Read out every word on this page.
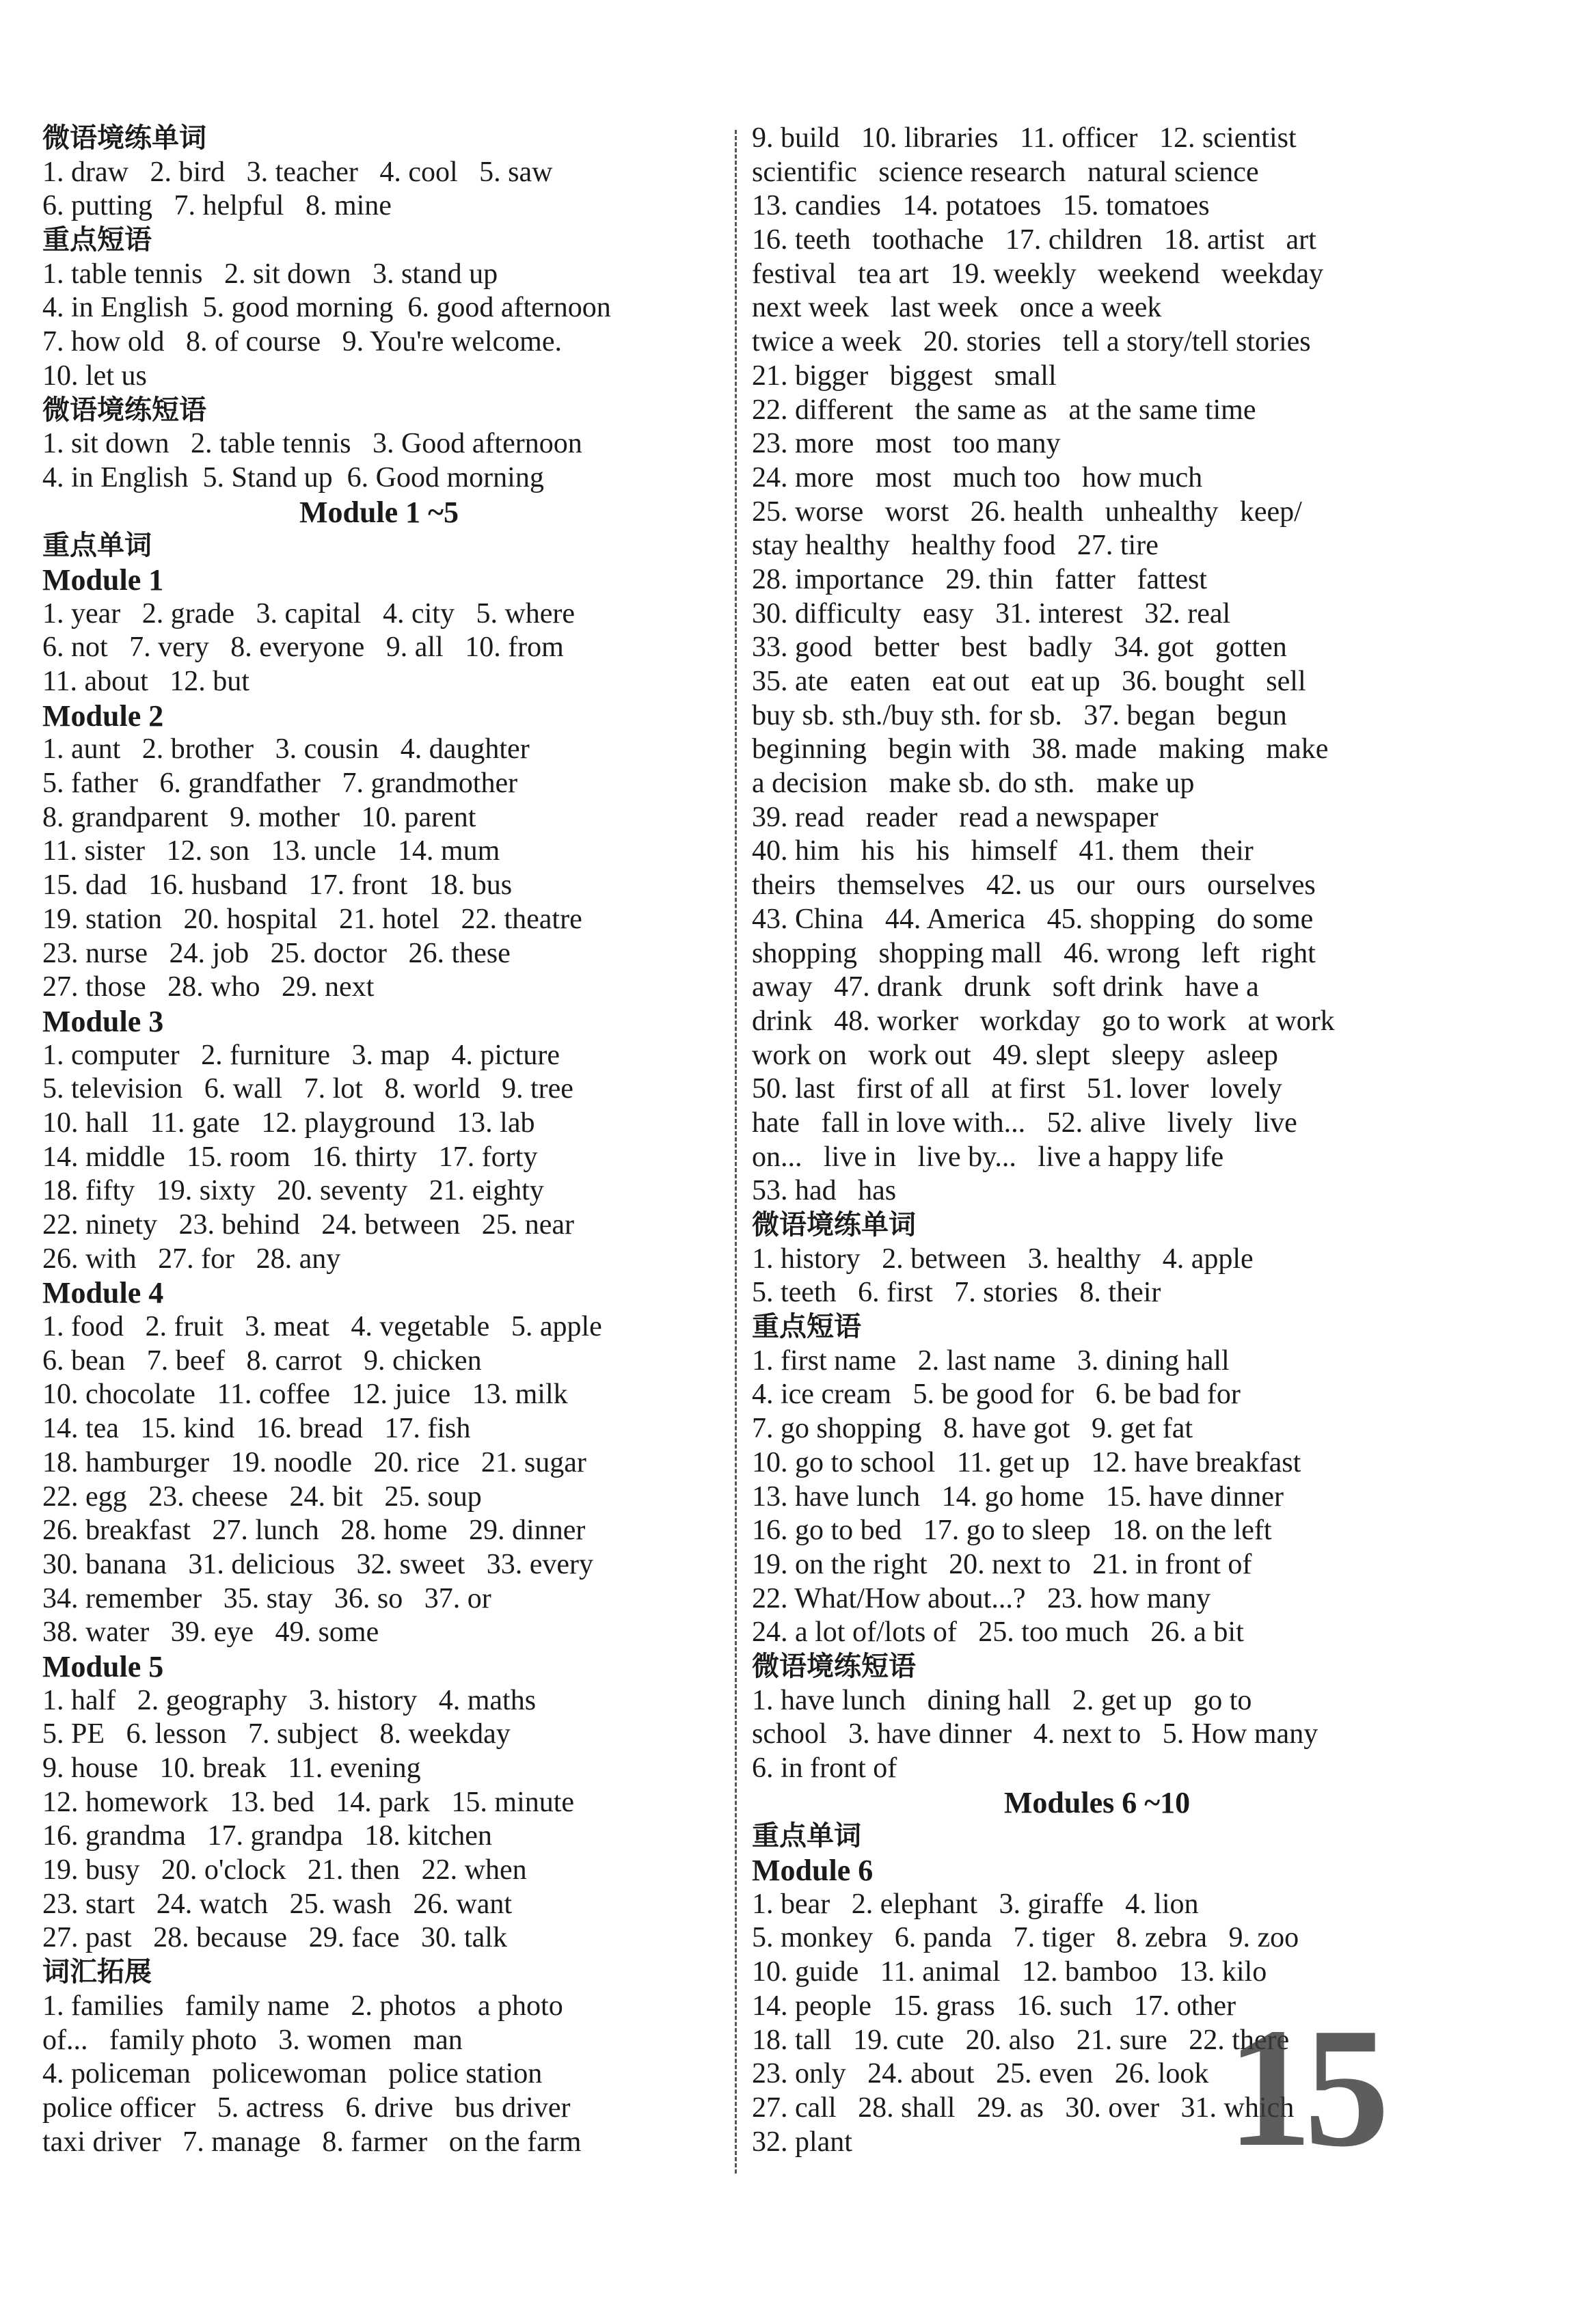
微语境练单词
1. draw   2. bird   3. teacher   4. cool   5. saw
6. putting   7. helpful   8. mine
重点短语
1. table tennis   2. sit down   3. stand up
4. in English  5. good morning  6. good afternoon
7. how old   8. of course   9. You're welcome.
10. let us
微语境练短语
1. sit down   2. table tennis   3. Good afternoon
4. in English  5. Stand up  6. Good morning
Module 1 ~5
重点单词
Module 1
1. year   2. grade   3. capital   4. city   5. where
6. not   7. very   8. everyone   9. all   10. from
11. about   12. but
Module 2
1. aunt   2. brother   3. cousin   4. daughter
5. father   6. grandfather   7. grandmother
8. grandparent   9. mother   10. parent
11. sister   12. son   13. uncle   14. mum
15. dad   16. husband   17. front   18. bus
19. station   20. hospital   21. hotel   22. theatre
23. nurse   24. job   25. doctor   26. these
27. those   28. who   29. next
Module 3
1. computer   2. furniture   3. map   4. picture
5. television   6. wall   7. lot   8. world   9. tree
10. hall   11. gate   12. playground   13. lab
14. middle   15. room   16. thirty   17. forty
18. fifty   19. sixty   20. seventy   21. eighty
22. ninety   23. behind   24. between   25. near
26. with   27. for   28. any
Module 4
1. food   2. fruit   3. meat   4. vegetable   5. apple
6. bean   7. beef   8. carrot   9. chicken
10. chocolate   11. coffee   12. juice   13. milk
14. tea   15. kind   16. bread   17. fish
18. hamburger   19. noodle   20. rice   21. sugar
22. egg   23. cheese   24. bit   25. soup
26. breakfast   27. lunch   28. home   29. dinner
30. banana   31. delicious   32. sweet   33. every
34. remember   35. stay   36. so   37. or
38. water   39. eye   49. some
Module 5
1. half   2. geography   3. history   4. maths
5. PE   6. lesson   7. subject   8. weekday
9. house   10. break   11. evening
12. homework   13. bed   14. park   15. minute
16. grandma   17. grandpa   18. kitchen
19. busy   20. o'clock   21. then   22. when
23. start   24. watch   25. wash   26. want
27. past   28. because   29. face   30. talk
词汇拓展
1. families   family name   2. photos   a photo
of...   family photo   3. women   man
4. policeman   policewoman   police station
police officer   5. actress   6. drive   bus driver
taxi driver   7. manage   8. farmer   on the farm
9. build   10. libraries   11. officer   12. scientist
scientific   science research   natural science
13. candies   14. potatoes   15. tomatoes
16. teeth   toothache   17. children   18. artist   art
festival   tea art   19. weekly   weekend   weekday
next week   last week   once a week
twice a week   20. stories   tell a story/tell stories
21. bigger   biggest   small
22. different   the same as   at the same time
23. more   most   too many
24. more   most   much too   how much
25. worse   worst   26. health   unhealthy   keep/
stay healthy   healthy food   27. tire
28. importance   29. thin   fatter   fattest
30. difficulty   easy   31. interest   32. real
33. good   better   best   badly   34. got   gotten
35. ate   eaten   eat out   eat up   36. bought   sell
buy sb. sth./buy sth. for sb.   37. began   begun
beginning   begin with   38. made   making   make
a decision   make sb. do sth.   make up
39. read   reader   read a newspaper
40. him   his   his   himself   41. them   their
theirs   themselves   42. us   our   ours   ourselves
43. China   44. America   45. shopping   do some
shopping   shopping mall   46. wrong   left   right
away   47. drank   drunk   soft drink   have a
drink   48. worker   workday   go to work   at work
work on   work out   49. slept   sleepy   asleep
50. last   first of all   at first   51. lover   lovely
hate   fall in love with...   52. alive   lively   live
on...   live in   live by...   live a happy life
53. had   has
微语境练单词
1. history   2. between   3. healthy   4. apple
5. teeth   6. first   7. stories   8. their
重点短语
1. first name   2. last name   3. dining hall
4. ice cream   5. be good for   6. be bad for
7. go shopping   8. have got   9. get fat
10. go to school   11. get up   12. have breakfast
13. have lunch   14. go home   15. have dinner
16. go to bed   17. go to sleep   18. on the left
19. on the right   20. next to   21. in front of
22. What/How about...?   23. how many
24. a lot of/lots of   25. too much   26. a bit
微语境练短语
1. have lunch   dining hall   2. get up   go to
school   3. have dinner   4. next to   5. How many
6. in front of
Modules 6 ~10
重点单词
Module 6
1. bear   2. elephant   3. giraffe   4. lion
5. monkey   6. panda   7. tiger   8. zebra   9. zoo
10. guide   11. animal   12. bamboo   13. kilo
14. people   15. grass   16. such   17. other
18. tall   19. cute   20. also   21. sure   22. there
23. only   24. about   25. even   26. look
27. call   28. shall   29. as   30. over   31. which
32. plant	15
